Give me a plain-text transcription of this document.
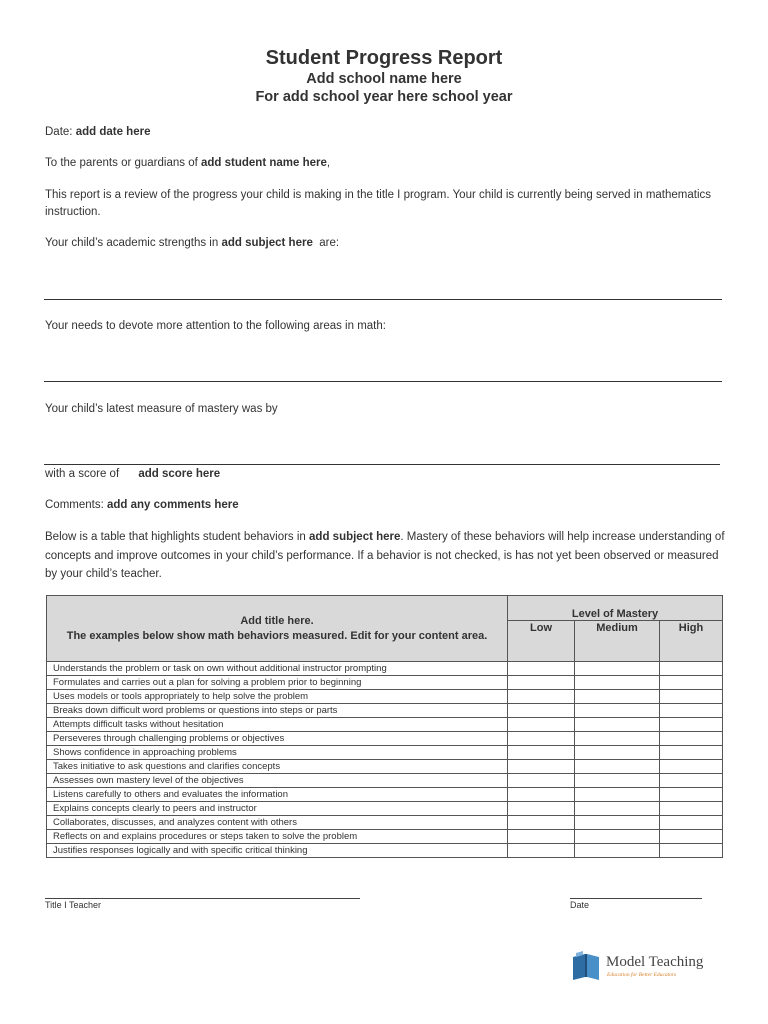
Student Progress Report
Add school name here
For add school year here school year
Date: add date here
To the parents or guardians of add student name here,
This report is a review of the progress your child is making in the title I program. Your child is currently being served in mathematics instruction.
Your child’s academic strengths in add subject here are:
Your needs to devote more attention to the following areas in math:
Your child’s latest measure of mastery was by
with a score of add score here
Comments: add any comments here
Below is a table that highlights student behaviors in add subject here. Mastery of these behaviors will help increase understanding of concepts and improve outcomes in your child’s performance. If a behavior is not checked, is has not yet been observed or measured by your child’s teacher.
Add title here.
The examples below show math behaviors measured. Edit for your content area.	Level of Mastery		
	Low	Medium	High
Understands the problem or task on own without additional instructor prompting			
Formulates and carries out a plan for solving a problem prior to beginning			
Uses models or tools appropriately to help solve the problem			
Breaks down difficult word problems or questions into steps or parts			
Attempts difficult tasks without hesitation			
Perseveres through challenging problems or objectives			
Shows confidence in approaching problems			
Takes initiative to ask questions and clarifies concepts			
Assesses own mastery level of the objectives			
Listens carefully to others and evaluates the information			
Explains concepts clearly to peers and instructor			
Collaborates, discusses, and analyzes content with others			
Reflects on and explains procedures or steps taken to solve the problem			
Justifies responses logically and with specific critical thinking			
Title I Teacher	Date
Model Teaching
Education for Better Educators
